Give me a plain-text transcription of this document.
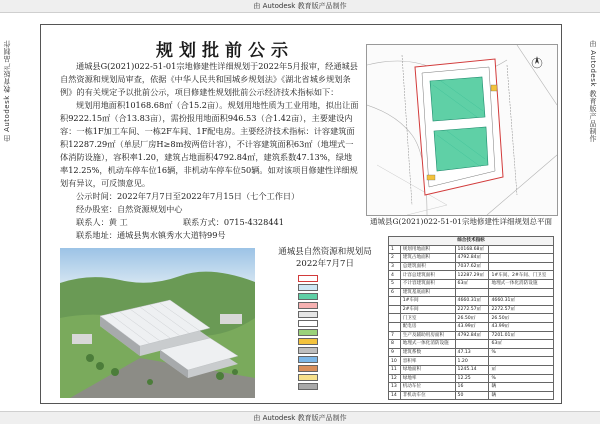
由 Autodesk 教育版产品制作
由 Autodesk 教育版产品制作
由 Autodesk 教育版产品制作	由 Autodesk 教育版产品制作
规划批前公示

通城县G(2021)022-51-01宗地修建性详细规划于2022年5月报审，经通城县自然资源和规划局审查，依据《中华人民共和国城乡规划法》《湖北省城乡规划条例》的有关规定予以批前公示，项目修建性规划批前公示经济技术指标如下：

规划用地面积10168.68㎡（合15.2亩）。规划用地性质为工业用地，拟出让面积9222.15㎡（合13.83亩），需扮报用地面积946.53（合1.42亩），主要建设内容：一栋1F加工车间、一栋2F车间、1F配电房。主要经济技术指标：计容建筑面积12287.29㎡（单层厂房H≥8m按两倍计容），不计容建筑面积63㎡（地埋式一体消防设施），容积率1.20，建筑占地面积4792.84㎡，建筑系数47.13%，绿地率12.25%，机动车停车位16辆，非机动车停车位50辆。如对该项目修建性详细规划有异议，可反馈意见。

公示时间：2022年7月7日至2022年7月15日（七个工作日）

经办股室：自然资源规划中心

联系人：黄 工	联系方式：0715-4328441

联系地址：通城县隽水镇秀水大道特99号

通城县G(2021)022-51-01宗地修建性详细规划总平面
通城县自然资源和规划局
2022年7月7日
综合技术指标			
1	规划用地面积	10168.68㎡	
2	建筑占地面积	4792.84㎡	
3	总建筑面积	7037.62㎡	
4	计容总建筑面积	12287.29㎡	1#车间、2#车间、门卫室
5	不计容建筑面积	63㎡	地埋式一体化消防设施
6	建筑基底面积		
	1#车间	4660.31㎡	4660.31㎡
	2#车间	2272.57㎡	2272.57㎡
	门卫室	26.50㎡	26.50㎡
	配电房	43.99㎡	43.99㎡
7	生产及辅助用房面积	4792.84㎡	7201.01㎡
8	地埋式一体化消防设施		63㎡
9	建筑系数	47.13	%
10	容积率	1.20	
11	绿地面积	1245.14	㎡
12	绿地率	12.25	%
13	机动车位	16	辆
14	非机动车位	50	辆
